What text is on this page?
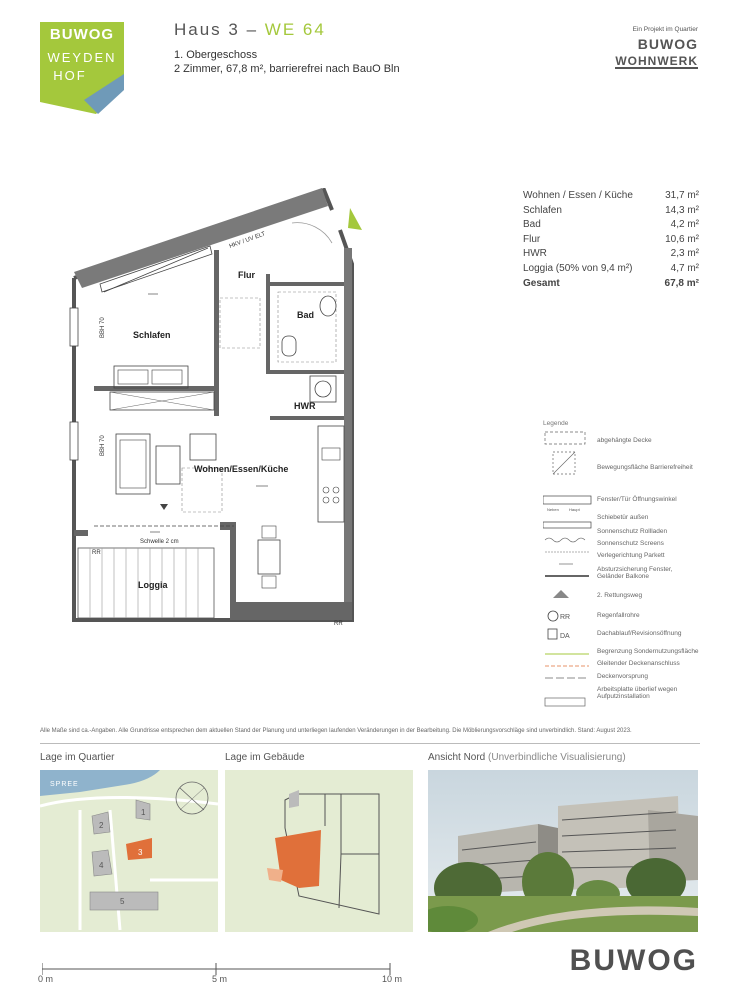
BUWOG
WEYDEN
HOF
Haus 3 – WE 64
1. Obergeschoss
2 Zimmer, 67,8 m², barrierefrei nach BauO Bln
Ein Projekt im Quartier
BUWOG
WOHNWERK
Wohnen / Essen / Küche	31,7 m²
Schlafen	14,3 m²
Bad	4,2 m²
Flur	10,6 m²
HWR	2,3 m²
Loggia (50% von 9,4 m²)	4,7 m²
Gesamt	67,8 m²
BBH 70
BBH 70
Flur
Bad
Schlafen
HWR
Wohnen/Essen/Küche
Loggia
Schwelle 2 cm
RR
RR
HKV / UV ELT
Legende
Neben	Haupt
RR
DA
abgehängte Decke
Bewegungsfläche Barrierefreiheit
Fenster/Tür Öffnungswinkel
Schiebetür außen
Sonnenschutz Rollladen
Sonnenschutz Screens
Verlegerichtung Parkett
Absturzsicherung Fenster, Geländer Balkone
2. Rettungsweg
Regenfallrohre
Dachablauf/Revisionsöffnung
Begrenzung Sondernutzungsfläche
Gleitender Deckenanschluss
Deckenvorsprung
Arbeitsplatte überlief wegen Aufputzinstallation
Alle Maße sind ca.-Angaben. Alle Grundrisse entsprechen dem aktuellen Stand der Planung und unterliegen laufenden Veränderungen in der Bearbeitung. Die Möblierungsvorschläge sind unverbindlich. Stand: August 2023.
Lage im Quartier	Lage im Gebäude	Ansicht Nord (Unverbindliche Visualisierung)
SPREE
1
2
3
4
5
0 m	5 m	10 m
BUWOG
